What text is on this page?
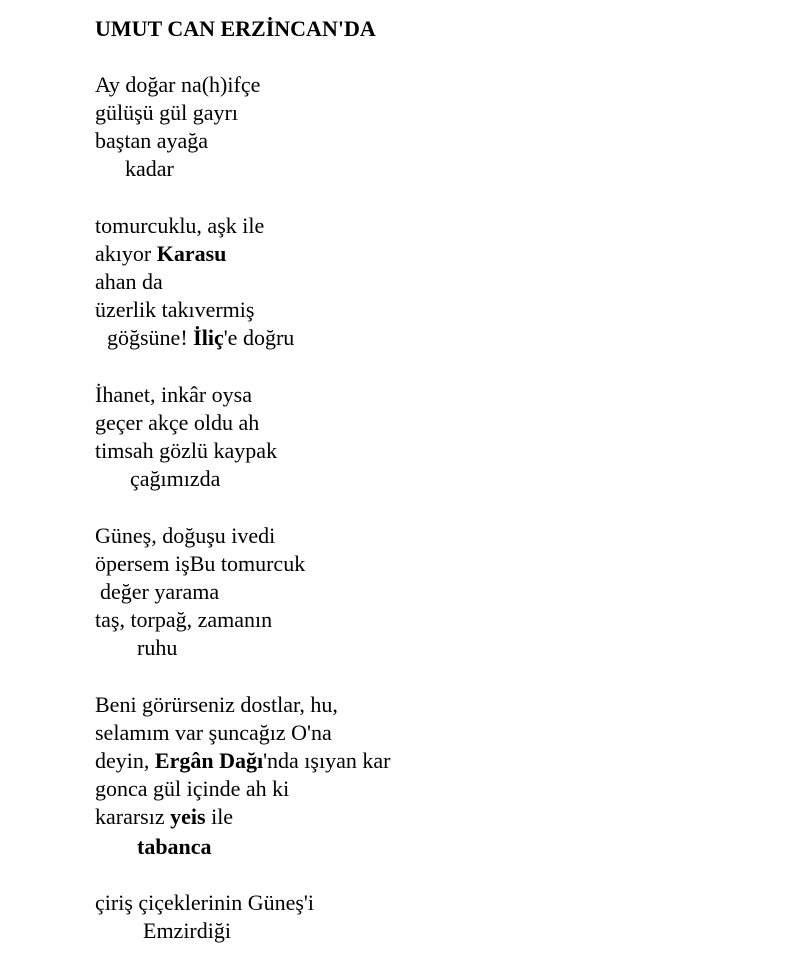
UMUT CAN ERZİNCAN'DA
Ay doğar na(h)ifçe
gülüşü gül gayrı
baştan ayağa
kadar
tomurcuklu, aşk ile
akıyor Karasu
ahan da
üzerlik takıvermiş
göğsüne! İliç'e doğru
İhanet, inkâr oysa
geçer akçe oldu ah
timsah gözlü kaypak
çağımızda
Güneş, doğuşu ivedi
öpersem işBu tomurcuk
değer yarama
taş, torpağ, zamanın
ruhu
Beni görürseniz dostlar, hu,
selamım var şuncağız O'na
deyin, Ergân Dağı'nda ışıyan kar
gonca gül içinde ah ki
kararsız yeis ile
tabanca
çiriş çiçeklerinin Güneş'i
Emzirdiği
